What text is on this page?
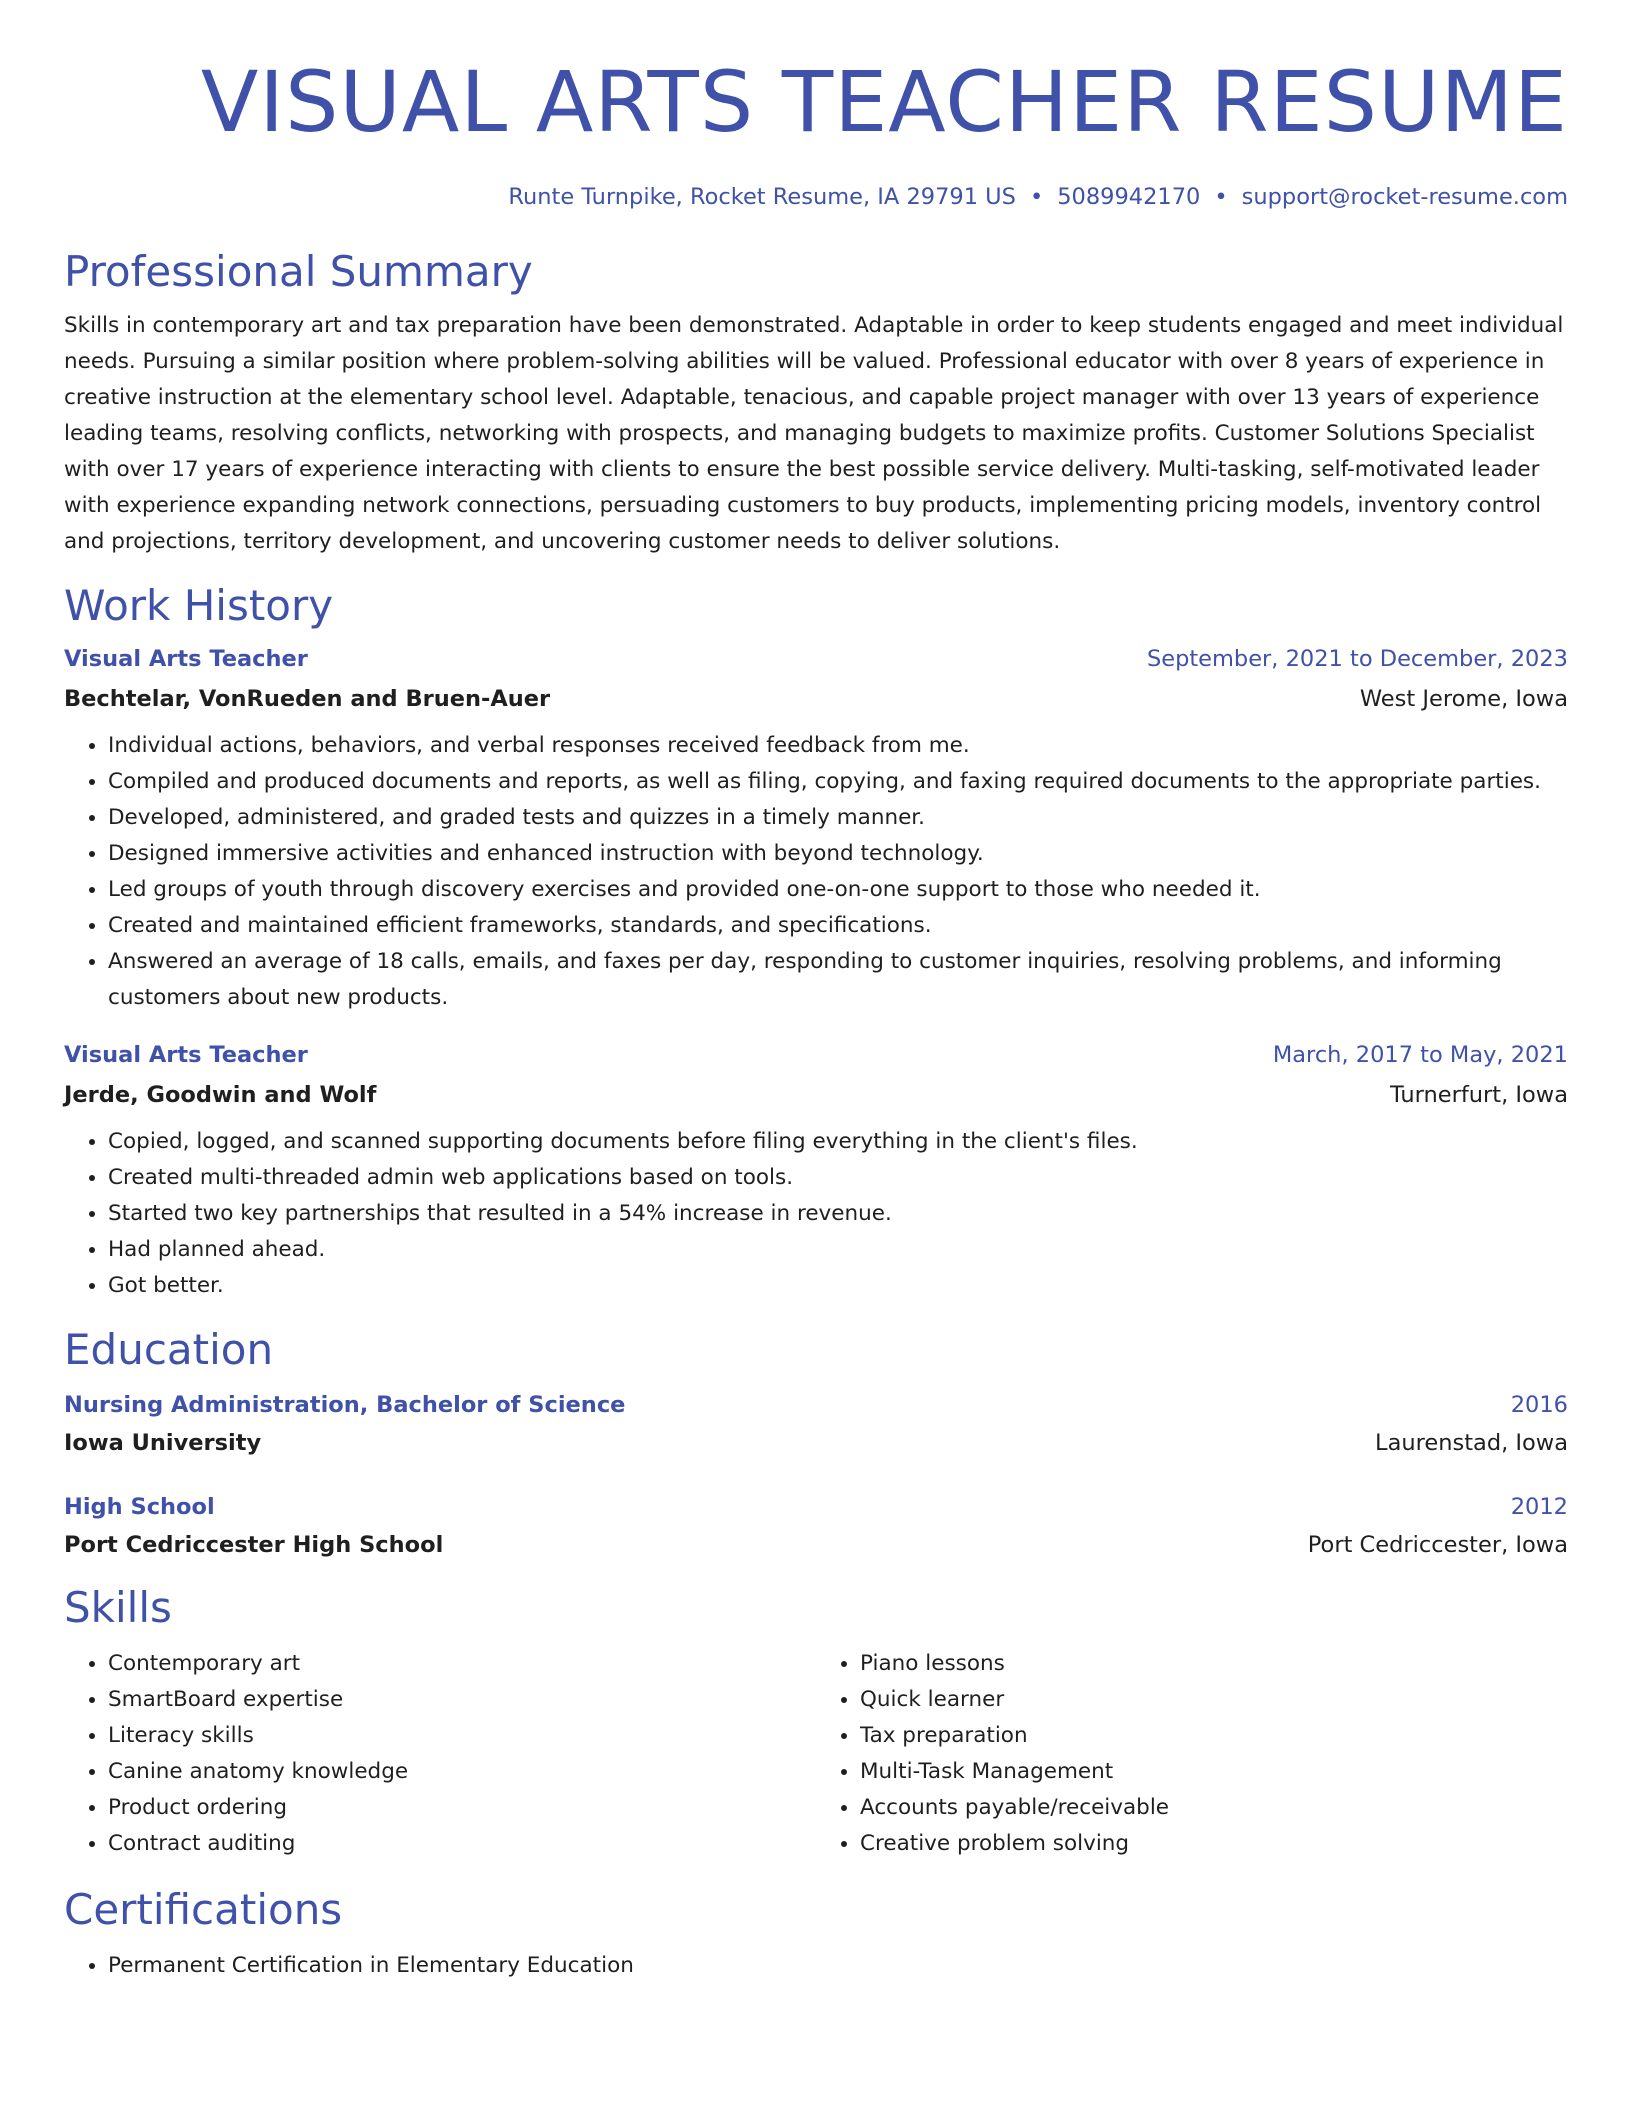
VISUAL ARTS TEACHER RESUME
Runte Turnpike, Rocket Resume, IA 29791 US • 5089942170 • support@rocket-resume.com
Professional Summary

Skills in contemporary art and tax preparation have been demonstrated. Adaptable in order to keep students engaged and meet individual needs. Pursuing a similar position where problem-solving abilities will be valued. Professional educator with over 8 years of experience in creative instruction at the elementary school level. Adaptable, tenacious, and capable project manager with over 13 years of experience leading teams, resolving conflicts, networking with prospects, and managing budgets to maximize profits. Customer Solutions Specialist with over 17 years of experience interacting with clients to ensure the best possible service delivery. Multi-tasking, self-motivated leader with experience expanding network connections, persuading customers to buy products, implementing pricing models, inventory control and projections, territory development, and uncovering customer needs to deliver solutions.

Work History
Visual Arts Teacher	September, 2021 to December, 2023
Bechtelar, VonRueden and Bruen-Auer	West Jerome, Iowa
• Individual actions, behaviors, and verbal responses received feedback from me.
• Compiled and produced documents and reports, as well as filing, copying, and faxing required documents to the appropriate parties.
• Developed, administered, and graded tests and quizzes in a timely manner.
• Designed immersive activities and enhanced instruction with beyond technology.
• Led groups of youth through discovery exercises and provided one-on-one support to those who needed it.
• Created and maintained efficient frameworks, standards, and specifications.
• Answered an average of 18 calls, emails, and faxes per day, responding to customer inquiries, resolving problems, and informing customers about new products.
Visual Arts Teacher	March, 2017 to May, 2021
Jerde, Goodwin and Wolf	Turnerfurt, Iowa
• Copied, logged, and scanned supporting documents before filing everything in the client's files.
• Created multi-threaded admin web applications based on tools.
• Started two key partnerships that resulted in a 54% increase in revenue.
• Had planned ahead.
• Got better.
Education
Nursing Administration, Bachelor of Science	2016
Iowa University	Laurenstad, Iowa
High School	2012
Port Cedriccester High School	Port Cedriccester, Iowa
Skills
• Contemporary art
• SmartBoard expertise
• Literacy skills
• Canine anatomy knowledge
• Product ordering
• Contract auditing
• Piano lessons
• Quick learner
• Tax preparation
• Multi-Task Management
• Accounts payable/receivable
• Creative problem solving
Certifications
• Permanent Certification in Elementary Education
